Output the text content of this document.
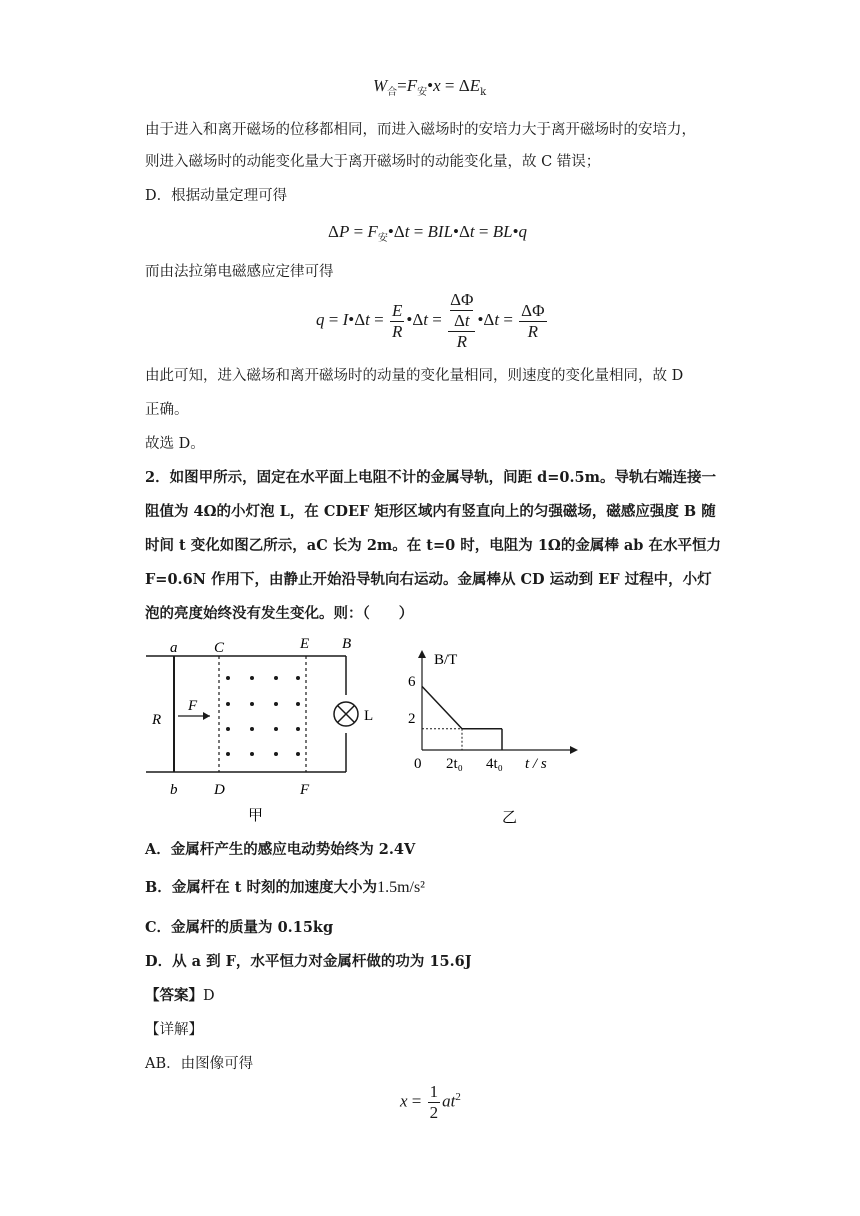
$W_合=F_安•x = \Delta E_k$
由于进入和离开磁场的位移都相同，而进入磁场时的安培力大于离开磁场时的安培力，
则进入磁场时的动能变化量大于离开磁场时的动能变化量，故 C 错误；
D．根据动量定理可得
$\Delta P = F_安•\Delta t$ = BIL•Δt = BL•q
而由法拉第电磁感应定律可得
q = I•Δt = $\frac{E}{R}$ •Δt = ΔΦ
Δt
R •Δt = $\frac{\Delta\Phi}{R}$
由此可知，进入磁场和离开磁场时的动量的变化量相同，则速度的变化量相同，故 D
正确。
故选 D。
2．如图甲所示，固定在水平面上电阻不计的金属导轨，间距 d=0.5m。导轨右端连接一
阻值为 4Ω的小灯泡 L，在 CDEF 矩形区域内有竖直向上的匀强磁场，磁感应强度 B 随
时间 t 变化如图乙所示，aC 长为 2m。在 t=0 时，电阻为 1Ω的金属棒 ab 在水平恒力
F=0.6N 作用下，由静止开始沿导轨向右运动。金属棒从 CD 运动到 EF 过程中，小灯
泡的亮度始终没有发生变化。则：（　　）
a C	E B
R
F
L
b D	F
甲
B/T
6
2
0 2t₀ 4t₀ t / s
乙
A．金属杆产生的感应电动势始终为 2.4V
B．金属杆在 t 时刻的加速度大小为1.5m/s²
C．金属杆的质量为 0.15kg
D．从 a 到 F，水平恒力对金属杆做的功为 15.6J
【答案】D
【详解】
AB．由图像可得
$x = \frac{1}{2} at^2$
